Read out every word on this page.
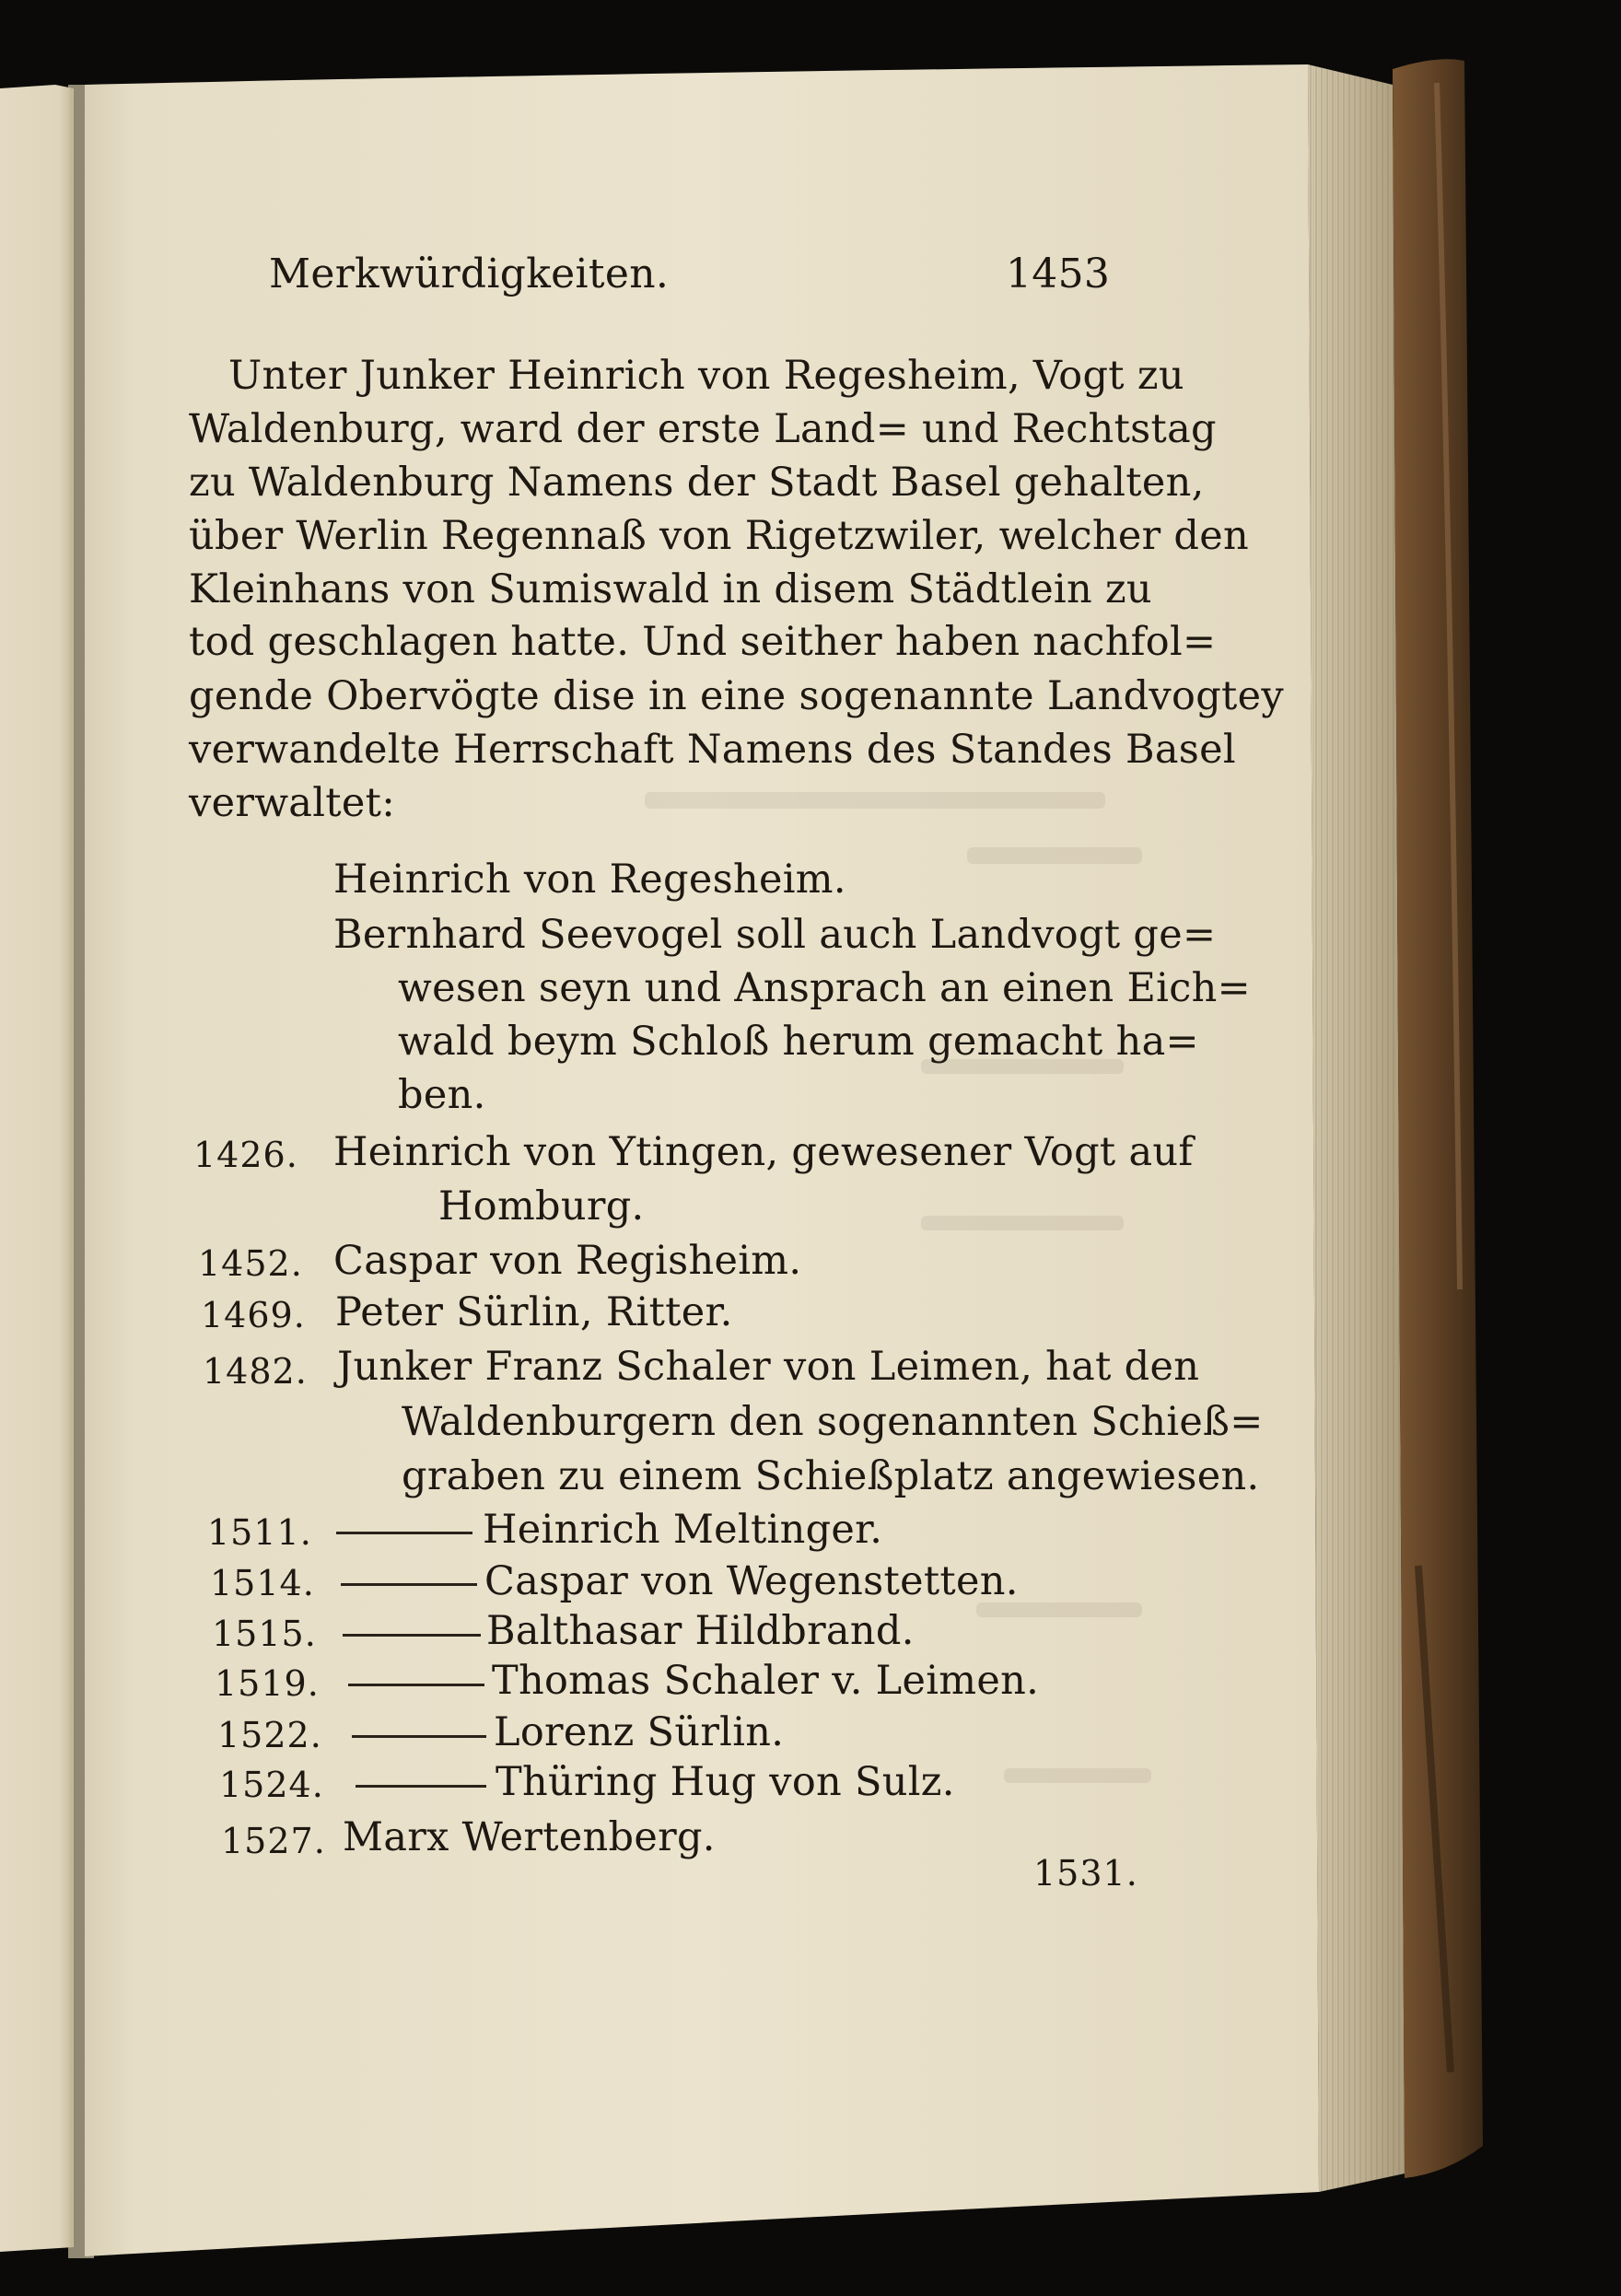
Merkwürdigkeiten.	1453

Unter Junker Heinrich von Regesheim, Vogt zu

Waldenburg, ward der erste Land= und Rechtstag

zu Waldenburg Namens der Stadt Basel gehalten,

über Werlin Regennaß von Rigetzwiler, welcher den

Kleinhans von Sumiswald in disem Städtlein zu

tod geschlagen hatte. Und seither haben nachfol=

gende Obervögte dise in eine sogenannte Landvogtey

verwandelte Herrschaft Namens des Standes Basel

verwaltet:

Heinrich von Regesheim.

Bernhard Seevogel soll auch Landvogt ge=

wesen seyn und Ansprach an einen Eich=

wald beym Schloß herum gemacht ha=

ben.

1426. Heinrich von Ytingen, gewesener Vogt auf

Homburg.

1452. Caspar von Regisheim.

1469. Peter Sürlin, Ritter.

1482. Junker Franz Schaler von Leimen, hat den

Waldenburgern den sogenannten Schieß=

graben zu einem Schießplatz angewiesen.

1511.	Heinrich Meltinger.

1514.	Caspar von Wegenstetten.

1515.	Balthasar Hildbrand.

1519.	Thomas Schaler v. Leimen.

1522.	Lorenz Sürlin.

1524.	Thüring Hug von Sulz.

1527. Marx Wertenberg.

1531.
